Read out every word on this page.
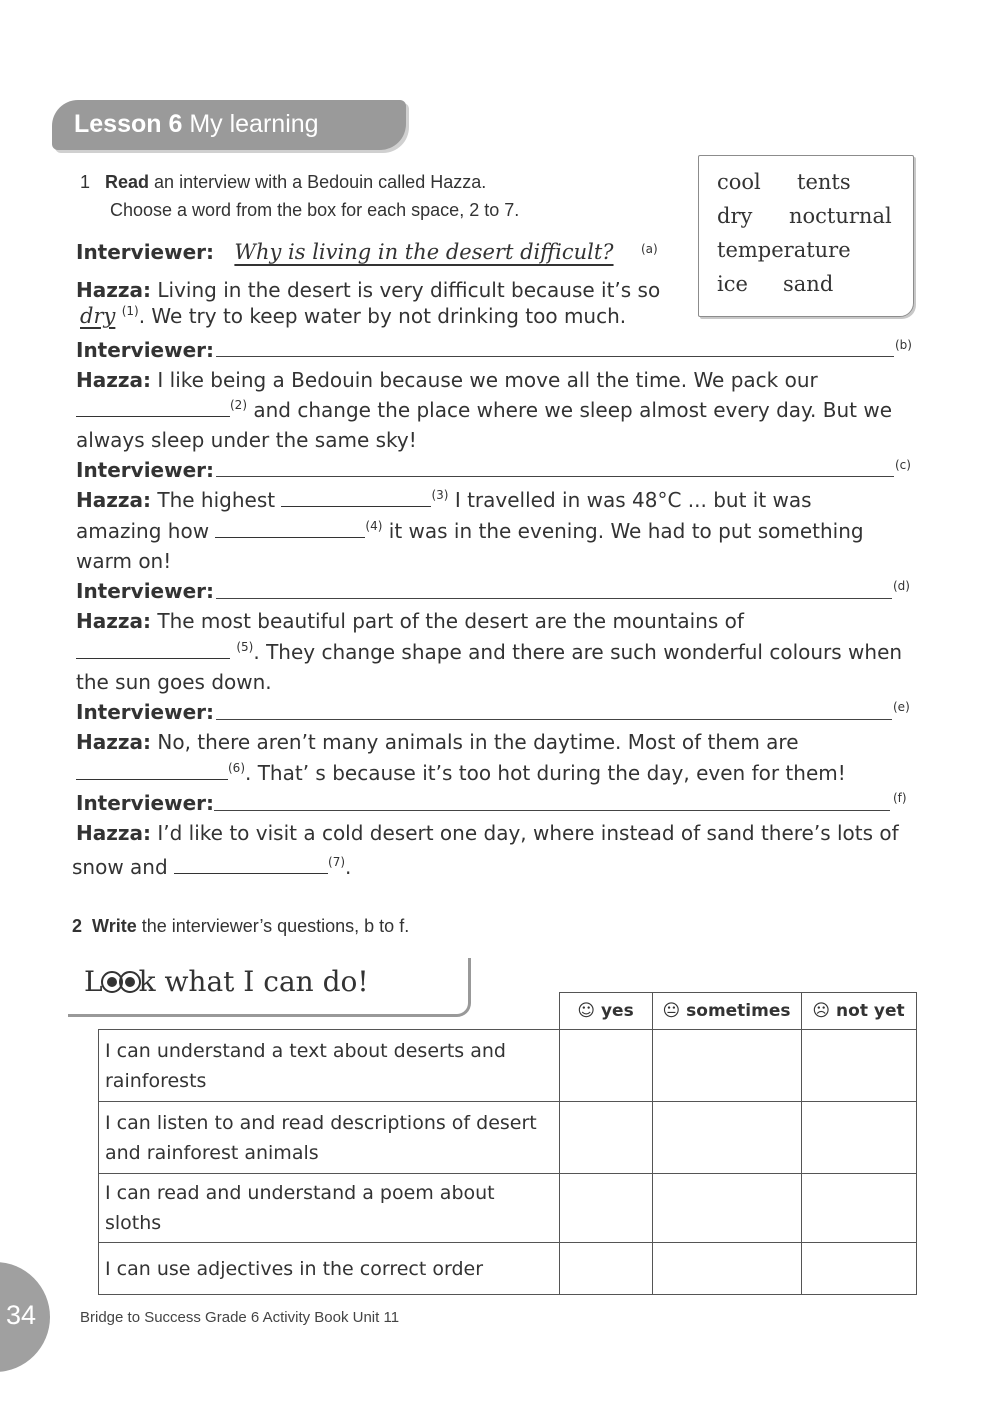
Lesson 6 My learning
1 Read an interview with a Bedouin called Hazza.
Choose a word from the box for each space, 2 to 7.
cool tents
dry nocturnal
temperature
ice sand
Interviewer: Why is living in the desert difficult? (a)
Hazza: Living in the desert is very difficult because it’s so
dry $^{(1)}$. We try to keep water by not drinking too much.
Interviewer:	(b)
Hazza: I like being a Bedouin because we move all the time. We pack our
$^{(2)}$ and change the place where we sleep almost every day. But we
always sleep under the same sky!
Interviewer:	(c)
Hazza: The highest	$^{(3)}$ I travelled in was 48°C ... but it was
amazing how	$^{(4)}$ it was in the evening. We had to put something
warm on!
Interviewer:	(d)
Hazza: The most beautiful part of the desert are the mountains of
$^{(5)}$. They change shape and there are such wonderful colours when
the sun goes down.
Interviewer:	(e)
Hazza: No, there aren’t many animals in the daytime. Most of them are
$^{(6)}$. That’ s because it’s too hot during the day, even for them!
Interviewer:	(f)
Hazza: I’d like to visit a cold desert one day, where instead of sand there’s lots of
snow and	$^{(7)}$.
2 Write the interviewer’s questions, b to f.
L k what I can do!
	☺ yes	😐 sometimes	☹ not yet
I can understand a text about deserts and
rainforests			
I can listen to and read descriptions of desert
and rainforest animals			
I can read and understand a poem about sloths			
I can use adjectives in the correct order			
34	Bridge to Success Grade 6 Activity Book Unit 11
